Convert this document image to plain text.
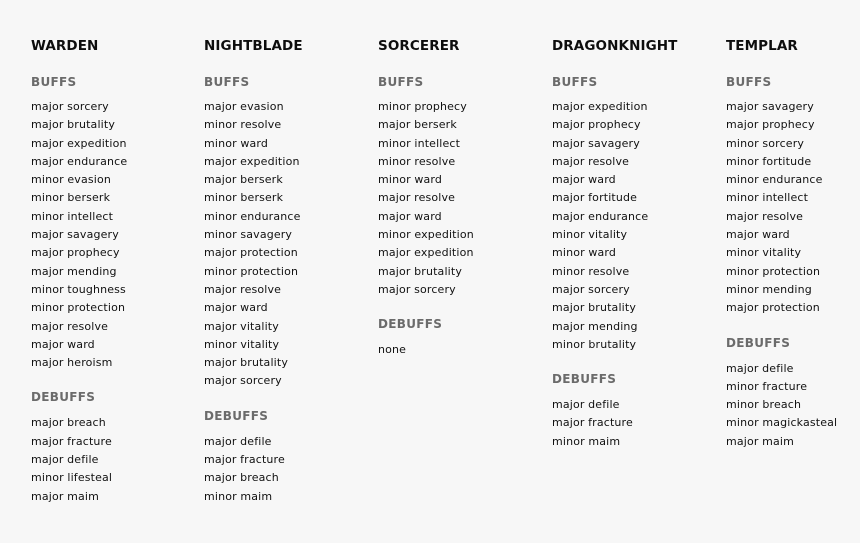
WARDEN
BUFFS
major sorcery
major brutality
major expedition
major endurance
minor evasion
minor berserk
minor intellect
major savagery
major prophecy
major mending
minor toughness
minor protection
major resolve
major ward
major heroism
DEBUFFS
major breach
major fracture
major defile
minor lifesteal
major maim
NIGHTBLADE
BUFFS
major evasion
minor resolve
minor ward
major expedition
major berserk
minor berserk
minor endurance
minor savagery
major protection
minor protection
major resolve
major ward
major vitality
minor vitality
major brutality
major sorcery
DEBUFFS
major defile
major fracture
major breach
minor maim
SORCERER
BUFFS
minor prophecy
major berserk
minor intellect
minor resolve
minor ward
major resolve
major ward
minor expedition
major expedition
major brutality
major sorcery
DEBUFFS
none
DRAGONKNIGHT
BUFFS
major expedition
major prophecy
major savagery
major resolve
major ward
major fortitude
major endurance
minor vitality
minor ward
minor resolve
major sorcery
major brutality
major mending
minor brutality
DEBUFFS
major defile
major fracture
minor maim
TEMPLAR
BUFFS
major savagery
major prophecy
minor sorcery
minor fortitude
minor endurance
minor intellect
major resolve
major ward
minor vitality
minor protection
minor mending
major protection
DEBUFFS
major defile
minor fracture
minor breach
minor magickasteal
major maim
